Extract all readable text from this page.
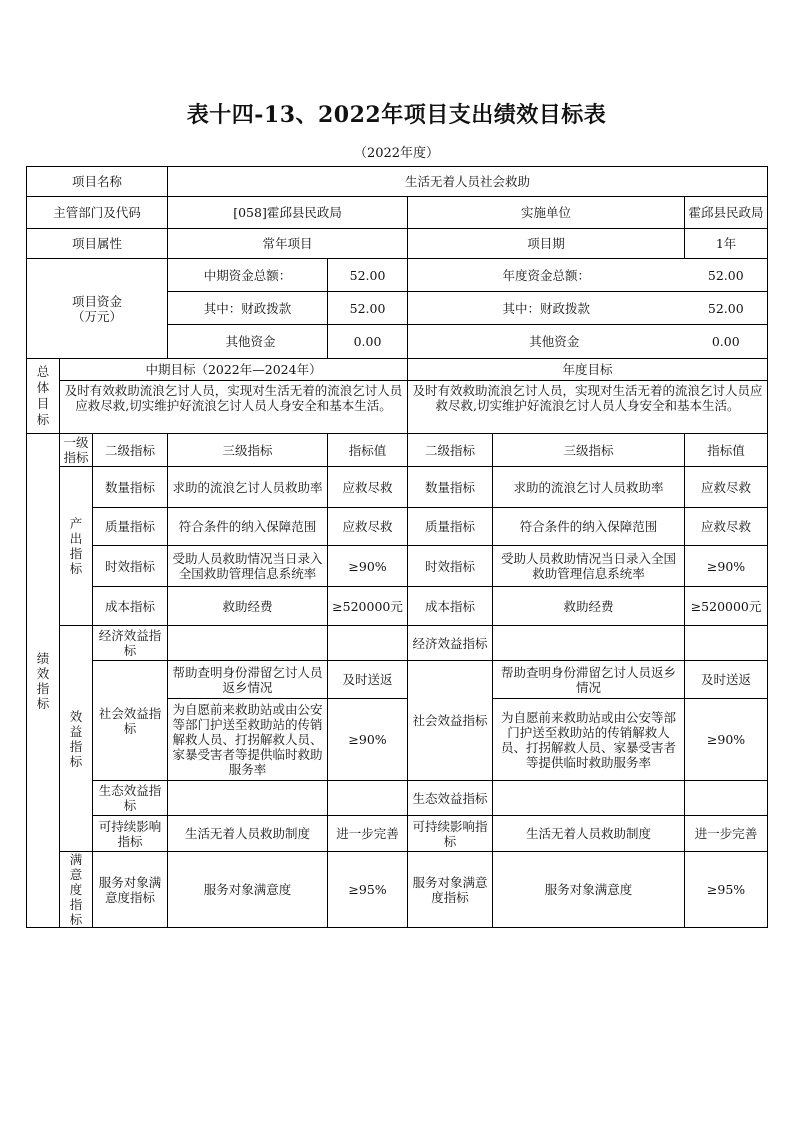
表十四-13、2022年项目支出绩效目标表
（2022年度）
项目名称			生活无着人员社会救助				
主管部门及代码			[058]霍邱县民政局		实施单位		霍邱县民政局
项目属性			常年项目		项目期		1年
项目资金
（万元）			中期资金总额：	52.00	年度资金总额：		52.00
			其中：财政拨款	52.00	其中：财政拨款		52.00
			其他资金	0.00	其他资金		0.00
总体目标	中期目标（2022年—2024年）				年度目标		
	及时有效救助流浪乞讨人员，实现对生活无着的流浪乞讨人员应救尽救,切实维护好流浪乞讨人员人身安全和基本生活。				及时有效救助流浪乞讨人员，实现对生活无着的流浪乞讨人员应救尽救,切实维护好流浪乞讨人员人身安全和基本生活。		
绩效指标	一级指标	二级指标	三级指标	指标值	二级指标	三级指标	指标值
	产出指标	数量指标	求助的流浪乞讨人员救助率	应救尽救	数量指标	求助的流浪乞讨人员救助率	应救尽救
		质量指标	符合条件的纳入保障范围	应救尽救	质量指标	符合条件的纳入保障范围	应救尽救
		时效指标	受助人员救助情况当日录入全国救助管理信息系统率	≥90%	时效指标	受助人员救助情况当日录入全国救助管理信息系统率	≥90%
		成本指标	救助经费	≥520000元	成本指标	救助经费	≥520000元
	效益指标	经济效益指标			经济效益指标		
		社会效益指标	帮助查明身份滞留乞讨人员返乡情况	及时送返	社会效益指标	帮助查明身份滞留乞讨人员返乡情况	及时送返
			为自愿前来救助站或由公安等部门护送至救助站的传销解救人员、打拐解救人员、家暴受害者等提供临时救助服务率	≥90%		为自愿前来救助站或由公安等部门护送至救助站的传销解救人员、打拐解救人员、家暴受害者等提供临时救助服务率	≥90%
		生态效益指标			生态效益指标		
		可持续影响指标	生活无着人员救助制度	进一步完善	可持续影响指标	生活无着人员救助制度	进一步完善

	满意度指标	服务对象满意度指标	服务对象满意度	≥95%	服务对象满意度指标	服务对象满意度	≥95%
